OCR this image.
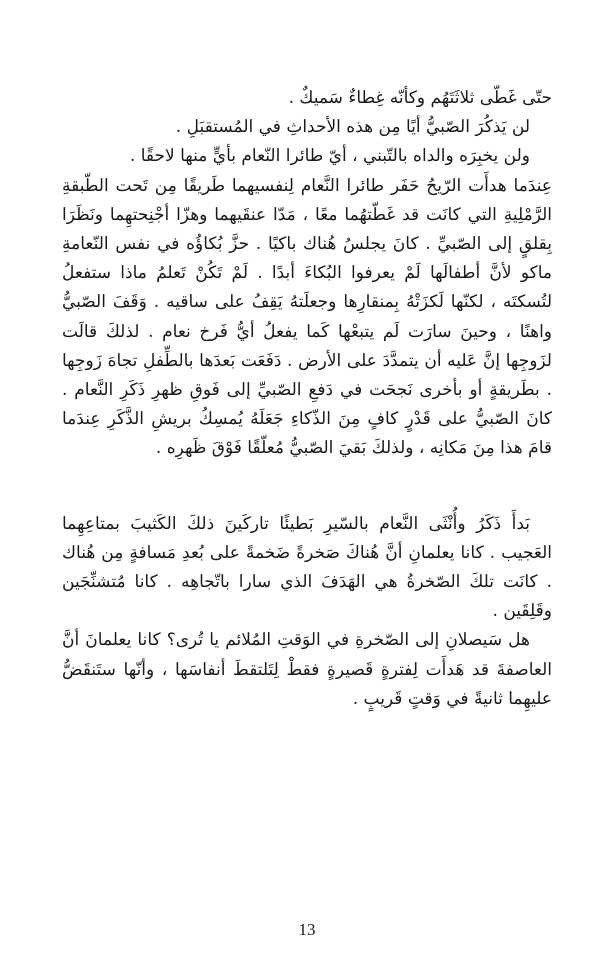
حتّى غَطّى ثلاثَتَهُم وكأنّه غِطاءٌ سَميكٌ .

لن يَذكُرَ الصّبيُّ أيًا مِن هذه الأحداثِ في المُستقبَلِ .

ولن يخبِرَه والداه بالتّبني ، أيّ طائرا النّعام بأيٍّ منها لاحقًا .

عِندَما هدأَت الرّيحُ حَفَر طائرا النَّعام لِنفسيهما طَريقًا مِن تَحت الطّبقةِ الرَّمْلِيةِ التي كانَت قد غَطّتهُما معًا ، مَدّا عنقَيهما وهزّا أجْنِحتهِما ونَظَرَا بِقلقٍ إلى الصّبيِّ . كانَ يجلسُ هُناك باكيًا . حزَّ بُكاؤُه في نفس النّعامةِ ماكو لأنَّ أطفالَها لَمْ يعرفوا البُكاءَ أبدًا . لَمْ تَكُنْ تَعلمُ ماذا ستفعلُ لتُسكتَه ، لكنّها لَكزَتْهُ بِمنقارِها وجعلَتهُ يَقِفُ على ساقيه . وَقَفَ الصّبيُّ واهنًا ، وحينَ سارَت لَم يتبعْها كَما يفعلُ أيُّ فَرخ نعام . لذلكَ قالَت لزَوجِها إنَّ عَليه أن يتمدَّدَ على الأرض . دَفَعَت بَعدَها بالطِّفلِ تجاهَ زَوجِها . بطَريقةٍ أو بأخرى نَجحَت في دَفعِ الصّبيِّ إلى فَوقِ ظهرِ ذَكَرِ النَّعام . كانَ الصّبيُّ على قَدْرٍ كافٍ مِنَ الذّكاءِ جَعَلَهُ يُمسِكُ بريشِ الذَّكَرِ عِندَما قامَ هذا مِنَ مَكانِه ، ولذلكَ بَقيَ الصّبيُّ مُعلّقًا فَوْقَ ظَهرِه .

بَدأَ ذَكَرُ وأُنْثَى النَّعام بالسّيرِ بَطيئًا تاركَينَ ذلكَ الكَثيبَ بمتاعِهِما العَجيب . كانا يعلمانِ أنَّ هُناكَ صَخرةً ضَخمةً على بُعدِ مَسافةٍ مِن هُناك . كانَت تلكَ الصّخرةُ هي الهَدَفَ الذي سارا باتّجاهِه . كانا مُتشنِّجَين وقَلِقَين .

هل سَيصلانِ إلى الصّخرةِ في الوَقتِ المُلائم يا تُرى؟ كانا يعلمانَ أنَّ العاصفةَ قد هَدأَت لِفترةٍ قَصيرةٍ فقطْ لِتَلتقطَ أنفاسَها ، وأنّها ستَنقَضُّ عليهِما ثانيةً في وَقتٍ قَريبٍ .

13
